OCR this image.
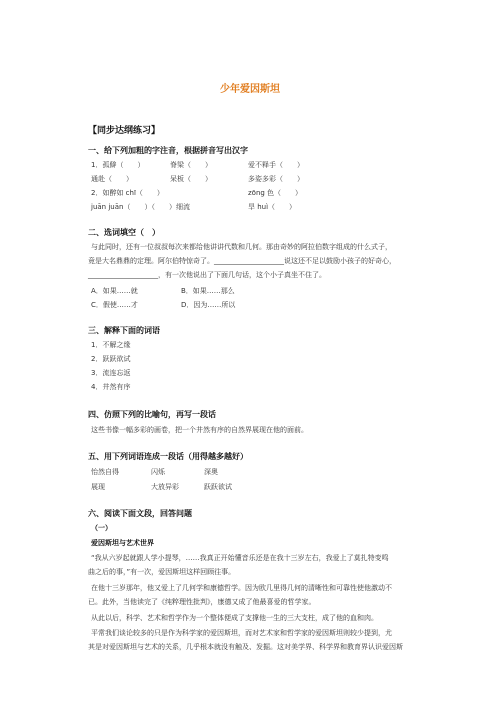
少年爱因斯坦
【同步达纲练习】
一、给下列加粗的字注音，根据拼音写出汉字
1．孤僻（　　）	脊梁（　　）	爱不释手（　　）
通赴（　　）	呆板（　　）	多姿多彩（　　）
2．如醉如 chī（　　）	zōng 色（　　）
juān juān（　　）（　　）细流	旱 huì（　　）
二、选词填空（　）
与此同时，还有一位叔叔每次来都给他讲讲代数和几何。那由奇妙的阿拉伯数字组成的什么式子，
竟是大名鼎鼎的定理。阿尔伯特惊奇了。____________________说这还不足以鼓励小孩子的好奇心，
____________________，有一次他说出了下面几句话，这个小子真坐不住了。
A．如果……就	B．如果……那么
C．假使……才	D．因为……所以
三、解释下面的词语
1．不解之缘
2．跃跃欲试
3．流连忘返
4．井然有序
四、仿照下列的比喻句，再写一段话
这些书像一幅多彩的画卷，把一个井然有序的自然界展现在他的面前。
五、用下列词语连成一段话（用得越多越好）
怡然自得	闪烁	深奥
展现	大放异彩	跃跃欲试
六、阅读下面文段，回答问题
（一）
爱因斯坦与艺术世界
“我从六岁起就跟人学小提琴，……我真正开始懂音乐还是在我十三岁左右，我爱上了莫扎特变鸣
曲之后的事，”有一次，爱因斯坦这样回顾往事。
在他十三岁那年，他又爱上了几何学和康德哲学。因为欧几里得几何的清晰性和可靠性使他激动不
已。此外，当他读完了《纯粹理性批判》，康德又成了他最喜爱的哲学家。
从此以后，科学、艺术和哲学作为一个整体便成了支撑他一生的三大支柱，成了他的血和肉。
平常我们谈论较多的只是作为科学家的爱因斯坦，而对艺术家和哲学家的爱因斯坦则较少提到，尤
其是对爱因斯坦与艺术的关系，几乎根本就没有触及、发掘。这对美学界、科学界和教育界认识爱因斯
